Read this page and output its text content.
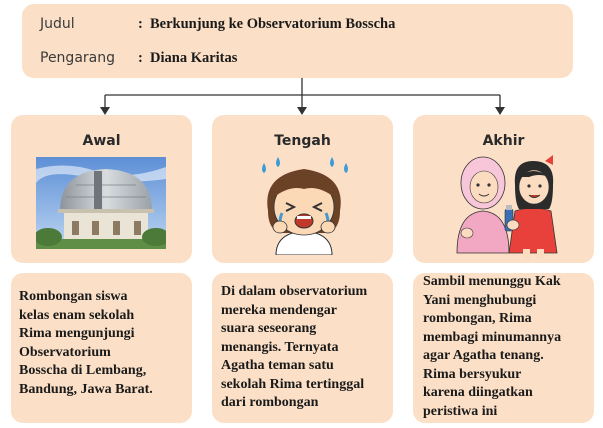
Judul	: Berkunjung ke Observatorium Bosscha
Pengarang : Diana Karitas
Awal	Tengah	Akhir
Rombongan siswa
kelas enam sekolah
Rima mengunjungi
Observatorium
Bosscha di Lembang,
Bandung, Jawa Barat.
Di dalam observatorium
mereka mendengar
suara seseorang
menangis. Ternyata
Agatha teman satu
sekolah Rima tertinggal
dari rombongan
Sambil menunggu Kak
Yani menghubungi
rombongan, Rima
membagi minumannya
agar Agatha tenang.
Rima bersyukur
karena diingatkan
peristiwa ini
